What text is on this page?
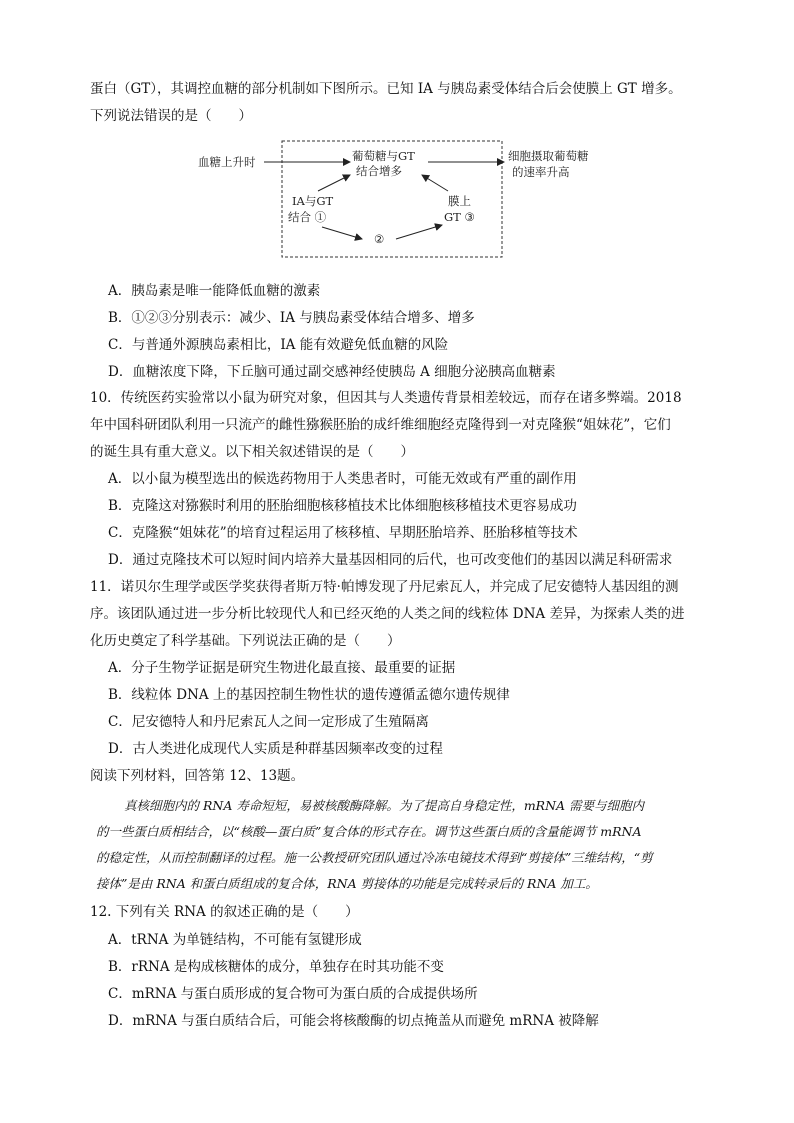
蛋白（GT），其调控血糖的部分机制如下图所示。已知 IA 与胰岛素受体结合后会使膜上 GT 增多。
下列说法错误的是（　　）
血糖上升时	葡萄糖与GT
结合增多
细胞摄取葡萄糖
的速率升高
IA与GT
结合 ①
膜上
GT ③
②
A．胰岛素是唯一能降低血糖的激素
B．①②③分别表示：减少、IA 与胰岛素受体结合增多、增多
C．与普通外源胰岛素相比，IA 能有效避免低血糖的风险
D．血糖浓度下降，下丘脑可通过副交感神经使胰岛 A 细胞分泌胰高血糖素
10．传统医药实验常以小鼠为研究对象，但因其与人类遗传背景相差较远，而存在诸多弊端。2018
年中国科研团队利用一只流产的雌性猕猴胚胎的成纤维细胞经克隆得到一对克隆猴“姐妹花”，它们
的诞生具有重大意义。以下相关叙述错误的是（　　）
A．以小鼠为模型选出的候选药物用于人类患者时，可能无效或有严重的副作用
B．克隆这对猕猴时利用的胚胎细胞核移植技术比体细胞核移植技术更容易成功
C．克隆猴“姐妹花”的培育过程运用了核移植、早期胚胎培养、胚胎移植等技术
D．通过克隆技术可以短时间内培养大量基因相同的后代，也可改变他们的基因以满足科研需求
11．诺贝尔生理学或医学奖获得者斯万特·帕博发现了丹尼索瓦人，并完成了尼安德特人基因组的测
序。该团队通过进一步分析比较现代人和已经灭绝的人类之间的线粒体 DNA 差异，为探索人类的进
化历史奠定了科学基础。下列说法正确的是（　　）
A．分子生物学证据是研究生物进化最直接、最重要的证据
B．线粒体 DNA 上的基因控制生物性状的遗传遵循孟德尔遗传规律
C．尼安德特人和丹尼索瓦人之间一定形成了生殖隔离
D．古人类进化成现代人实质是种群基因频率改变的过程
阅读下列材料，回答第 12、13题。
真核细胞内的 RNA 寿命短短，易被核酸酶降解。为了提高自身稳定性，mRNA 需要与细胞内
的一些蛋白质相结合，以“核酸—蛋白质”复合体的形式存在。调节这些蛋白质的含量能调节 mRNA
的稳定性，从而控制翻译的过程。施一公教授研究团队通过冷冻电镜技术得到“剪接体”三维结构，“剪
接体”是由 RNA 和蛋白质组成的复合体，RNA 剪接体的功能是完成转录后的 RNA 加工。
12. 下列有关 RNA 的叙述正确的是（　　）
A．tRNA 为单链结构，不可能有氢键形成
B．rRNA 是构成核糖体的成分，单独存在时其功能不变
C．mRNA 与蛋白质形成的复合物可为蛋白质的合成提供场所
D．mRNA 与蛋白质结合后，可能会将核酸酶的切点掩盖从而避免 mRNA 被降解
